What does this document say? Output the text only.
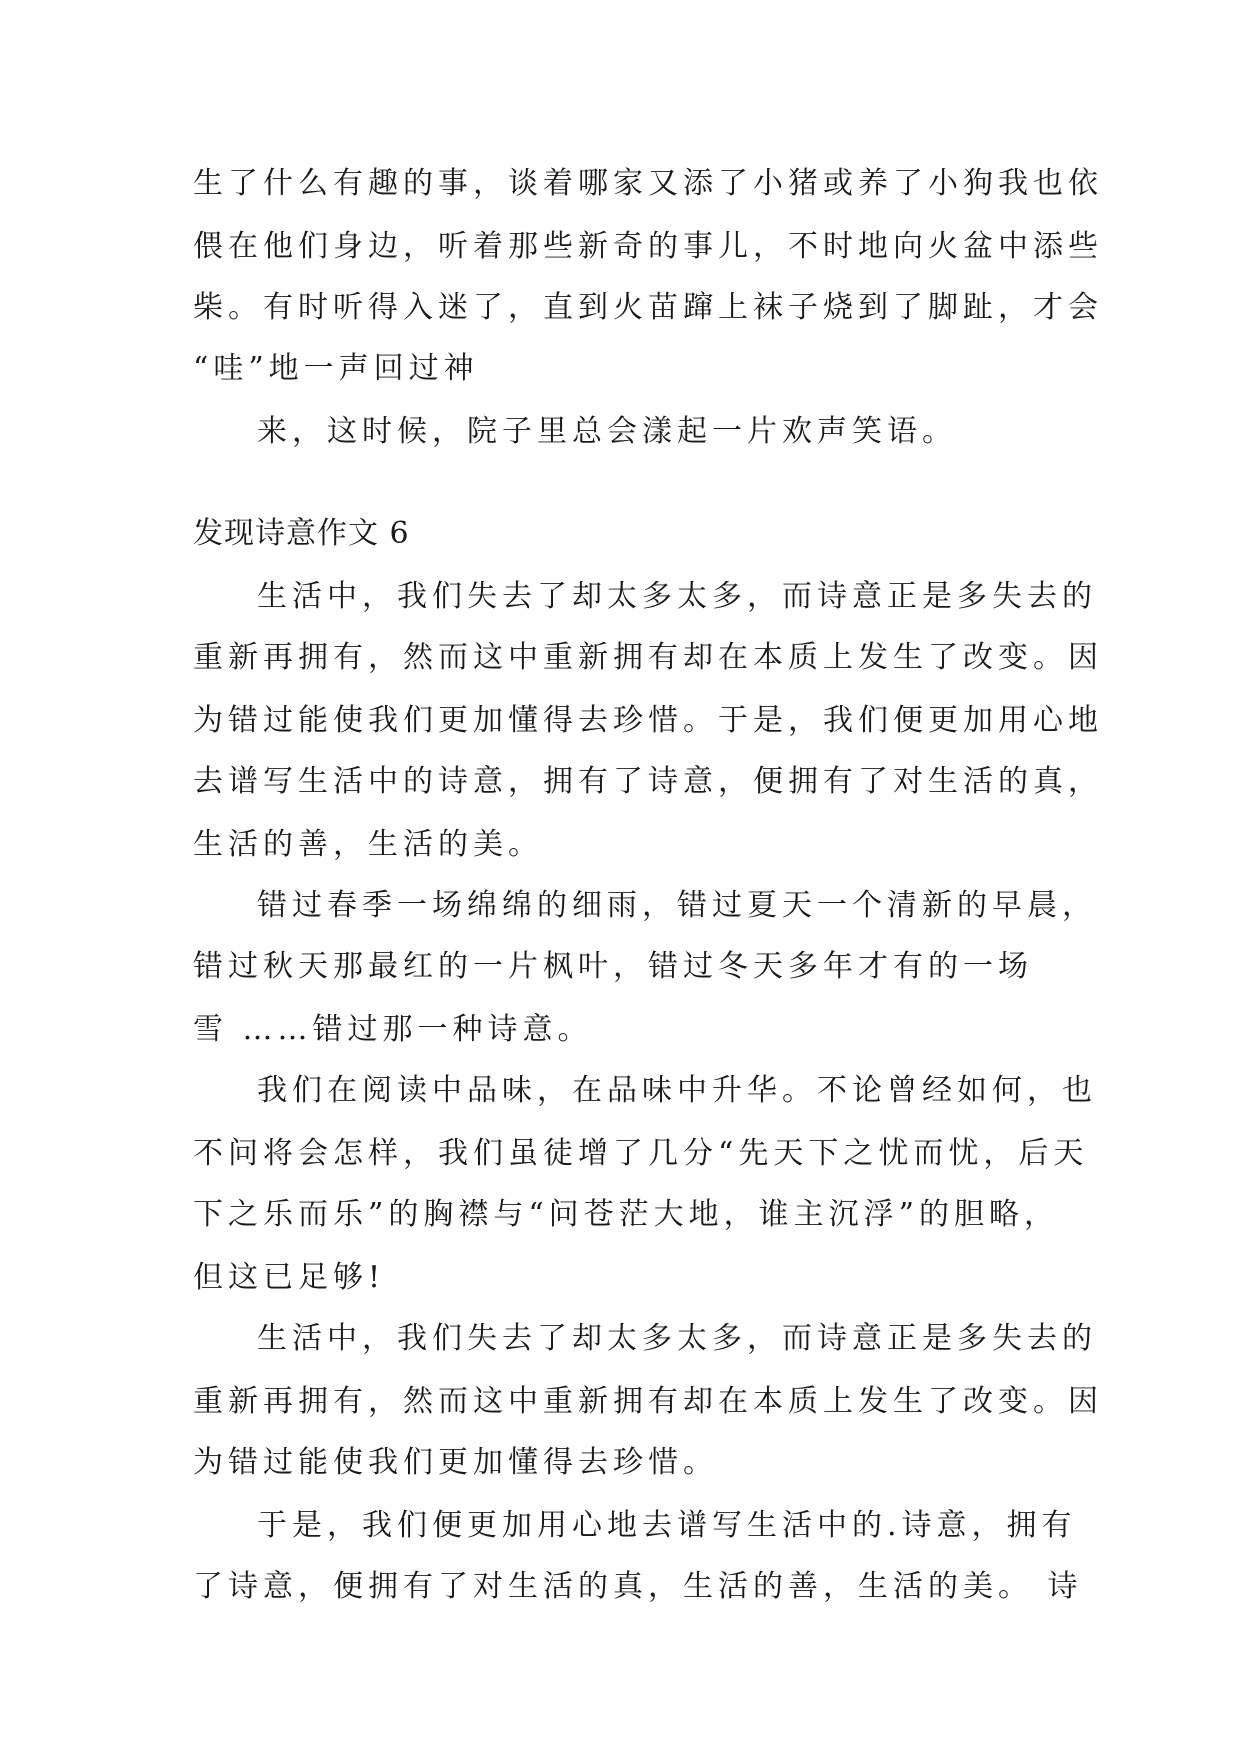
生了什么有趣的事，谈着哪家又添了小猪或养了小狗我也依
偎在他们身边，听着那些新奇的事儿，不时地向火盆中添些
柴。有时听得入迷了，直到火苗蹿上袜子烧到了脚趾，才会
“哇”地一声回过神
来，这时候，院子里总会漾起一片欢声笑语。
发现诗意作文 6
生活中，我们失去了却太多太多，而诗意正是多失去的
重新再拥有，然而这中重新拥有却在本质上发生了改变。因
为错过能使我们更加懂得去珍惜。于是，我们便更加用心地
去谱写生活中的诗意，拥有了诗意，便拥有了对生活的真，
生活的善，生活的美。
错过春季一场绵绵的细雨，错过夏天一个清新的早晨，
错过秋天那最红的一片枫叶，错过冬天多年才有的一场
雪 ……错过那一种诗意。
我们在阅读中品味，在品味中升华。不论曾经如何，也
不问将会怎样，我们虽徒增了几分“先天下之忧而忧，后天
下之乐而乐”的胸襟与“问苍茫大地，谁主沉浮”的胆略，
但这已足够!
生活中，我们失去了却太多太多，而诗意正是多失去的
重新再拥有，然而这中重新拥有却在本质上发生了改变。因
为错过能使我们更加懂得去珍惜。
于是，我们便更加用心地去谱写生活中的.诗意，拥有
了诗意，便拥有了对生活的真，生活的善，生活的美。 诗
